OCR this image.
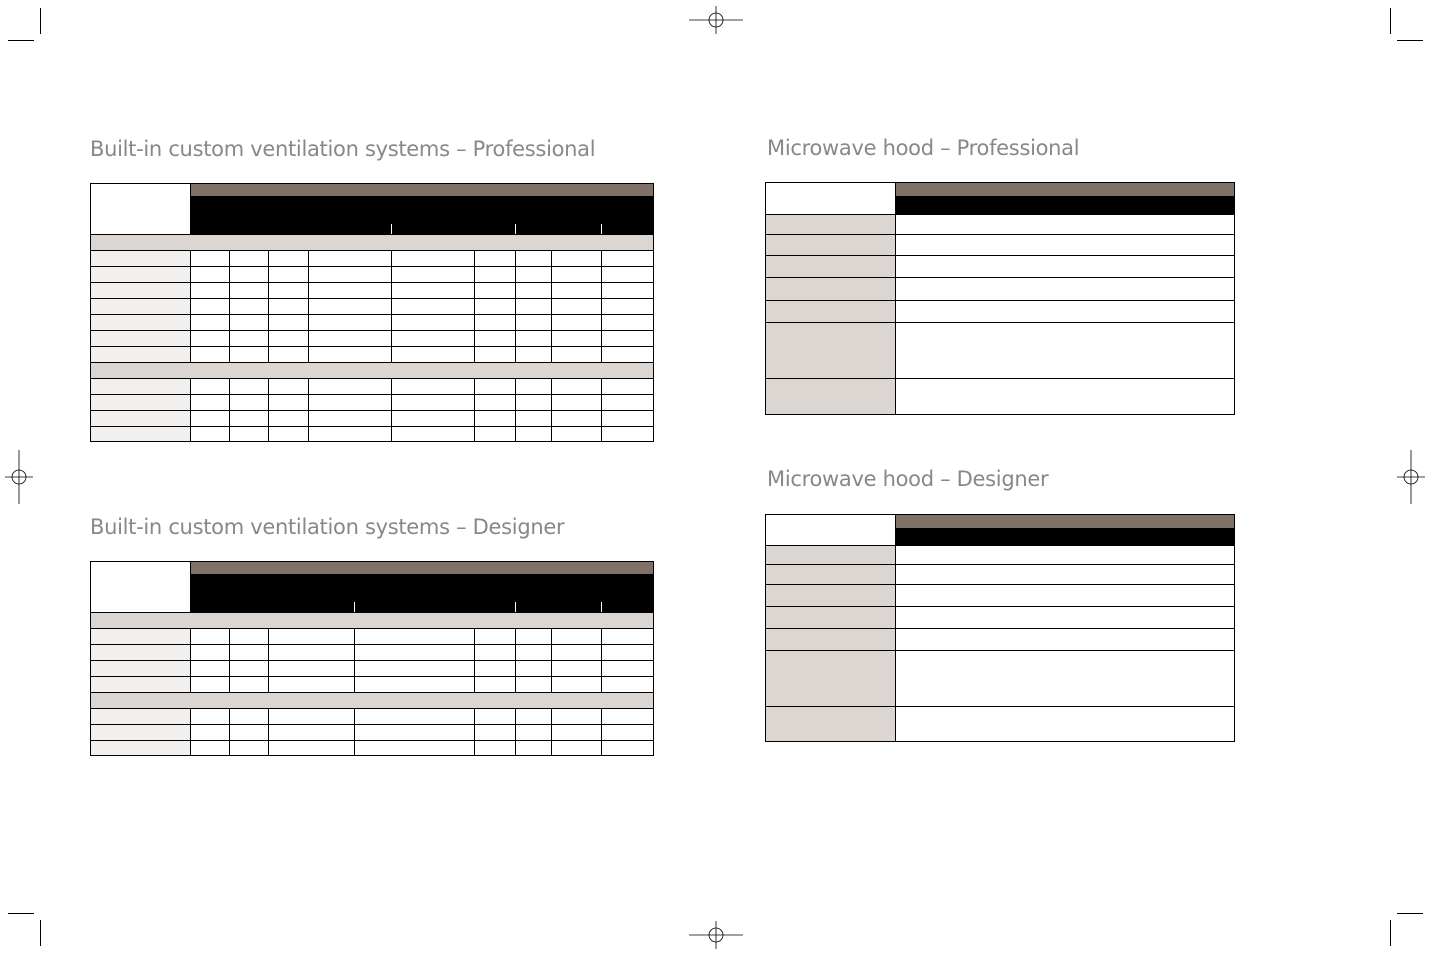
Built-in custom ventilation systems – Professional
Built-in custom ventilation systems – Designer
Microwave hood – Professional
Microwave hood – Designer
